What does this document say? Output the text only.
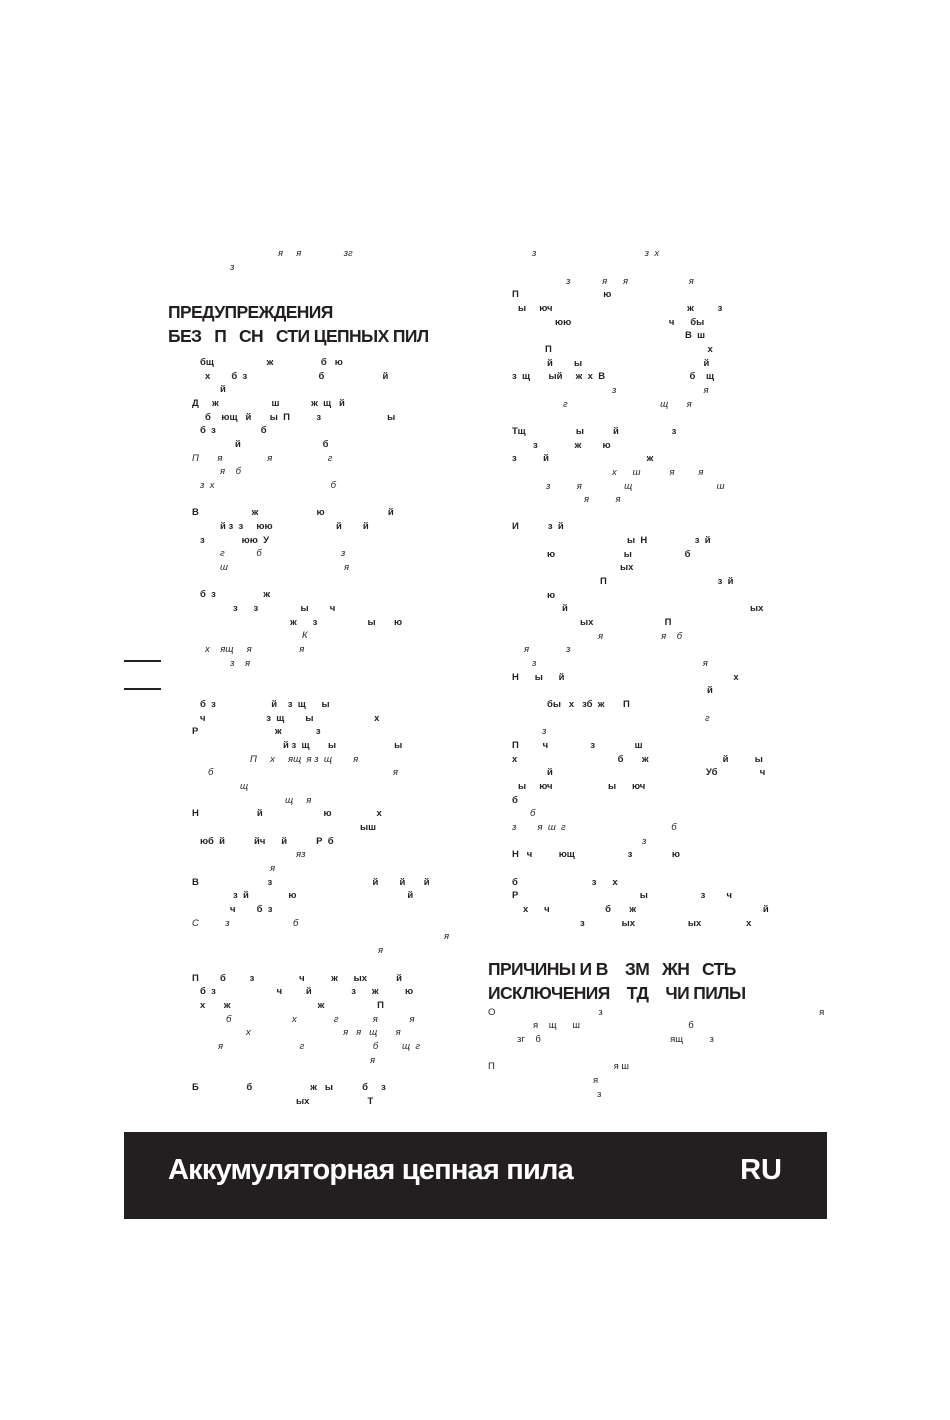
ПРЕДУПРЕЖДЕНИЯ

БЕЗ   П   СН   СТИ ЦЕПНЫХ ПИЛ

ПРИЧИНЫ И В    ЗМ   ЖН   СТЬ

ИСКЛЮЧЕНИЯ    ТД    ЧИ ПИЛЫ

я     я                зг
з
бщ                    ж                  б   ю
х        б  з                           б                      й
й
Д     ж                    ш            ж  щ   й
б    ющ   й       ы  П          з                         ы
б  з                 б
й                               б
П       я                 я                     г
я    б
з  х                                            б
В                    ж                      ю                        й
й з  з     юю                        й        й
з              юю  У
г            б                              з
ш                                            я
б  з                  ж
з      з                ы        ч
ж      з                   ы       ю
К
х    ящ     я                  я
з    я
б  з                     й    з  щ      ы
ч                       з  щ        ы                       х
Р                             ж             з
й з  щ       ы                      ы
П     х     ящ  я з  щ        я
б                                                                    я
щ
щ     я
Н                      й                       ю                 х
ыш
юб  й           йч      й           Р  б
яз
я
В                          з                                      й        й       й
з  й               ю                                          й
ч        б  з
С          з                        б
я
я
П        б         з                 ч          ж      ыx           й
б  з                       ч         й               з      ж          ю
х       ж                                 ж                    П
б                       х              г             я            я
х                                   я   я   щ       я
я                             г                          б         щ  г
я
Б                  б                      ж   ы           б     з
ых                      Т
з                                         з  х
з            я      я                       я
П                                ю
ы     юч                                                   ж         з
юю                                     ч      бы
В  ш
П                                                           х
й        ы                                              й
з  щ       ый     ж  х  В                                б    щ
з                                 я
г                                   щ       я
Тщ                   ы           й                    з
з              ж        ю
з          й                                     ж
х      ш           я         я
з          я                щ                                ш
я          я
И           з  й
ы  Н                  з  й
ю                          ы                    б
ых
П                                          з  й
ю
й                                                                     ых
ых                           П
я                      я    б
я              з
з                                                               я
Н      ы      й                                                                х
й
бы   х   зб  ж       П
г
з
П         ч                з               ш
х                                      б       ж                            й          ы
й                                                          Уб                ч
ы     юч                     ы      юч
б
б
з        я  ш  г                                        б
з
Н   ч          ющ                    з               ю
б                            з      х
Р                                              ы                    з        ч
х      ч                     б       ж                                                й
з              ых                    ых                 х
О                                       з                                                                                  я
я    щ      ш                                         б
зг    б                                                 ящ          з
П                                             я ш
я
з
Аккумуляторная цепная пила	RU
